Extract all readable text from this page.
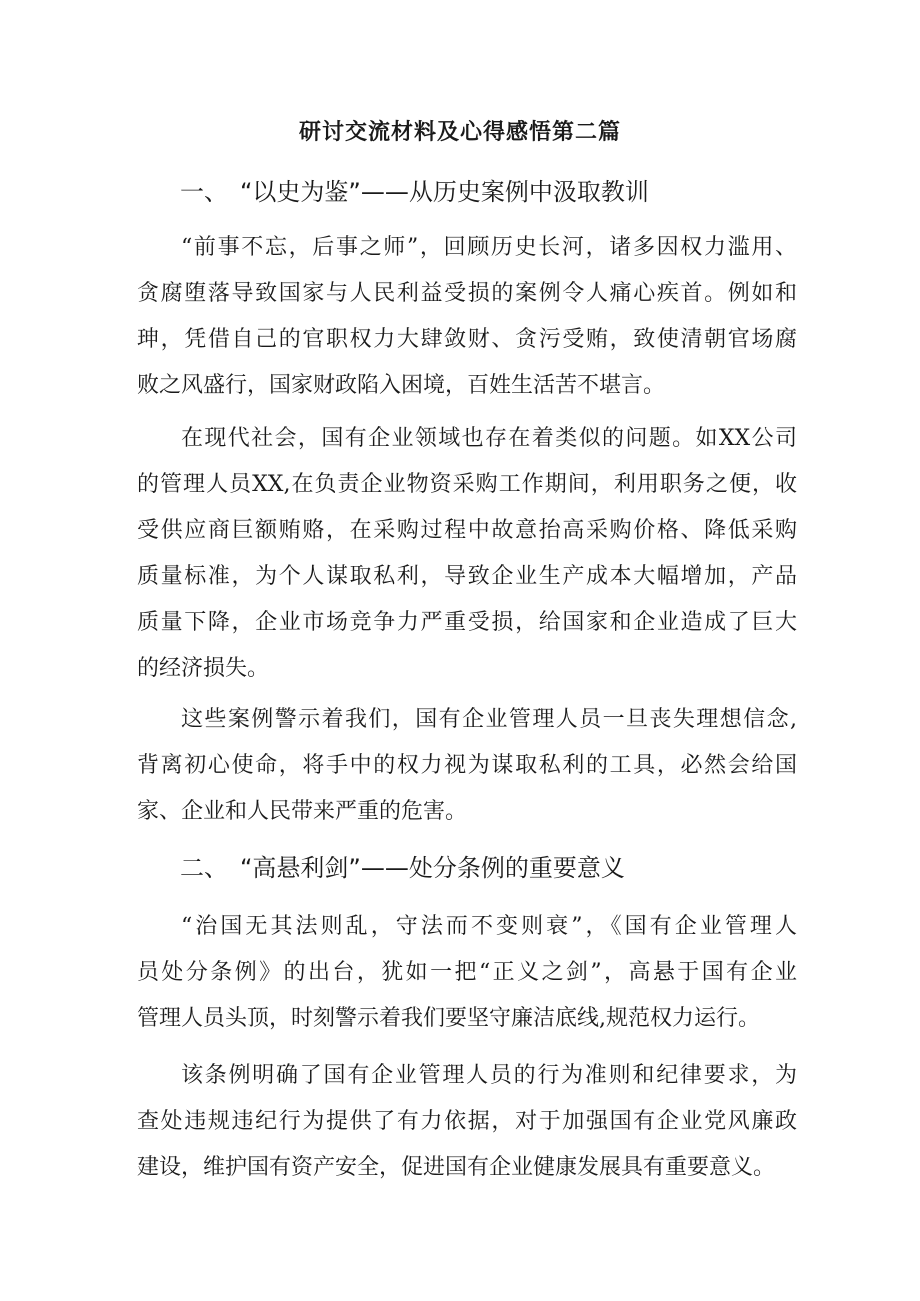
研讨交流材料及心得感悟第二篇
一、 “以史为鉴”——从历史案例中汲取教训
“前事不忘，后事之师”，回顾历史长河，诸多因权力滥用、
贪腐堕落导致国家与人民利益受损的案例令人痛心疾首。例如和
珅，凭借自己的官职权力大肆敛财、贪污受贿，致使清朝官场腐
败之风盛行，国家财政陷入困境，百姓生活苦不堪言。
在现代社会，国有企业领域也存在着类似的问题。如XX公司
的管理人员XX,在负责企业物资采购工作期间，利用职务之便，收
受供应商巨额贿赂，在采购过程中故意抬高采购价格、降低采购
质量标准，为个人谋取私利，导致企业生产成本大幅增加，产品
质量下降，企业市场竞争力严重受损，给国家和企业造成了巨大
的经济损失。
这些案例警示着我们，国有企业管理人员一旦丧失理想信念,
背离初心使命，将手中的权力视为谋取私利的工具，必然会给国
家、企业和人民带来严重的危害。
二、 “高悬利剑”——处分条例的重要意义
“治国无其法则乱，守法而不变则衰”，《国有企业管理人
员处分条例》的出台，犹如一把“正义之剑”，高悬于国有企业
管理人员头顶，时刻警示着我们要坚守廉洁底线,规范权力运行。
该条例明确了国有企业管理人员的行为准则和纪律要求，为
查处违规违纪行为提供了有力依据，对于加强国有企业党风廉政
建设，维护国有资产安全，促进国有企业健康发展具有重要意义。
